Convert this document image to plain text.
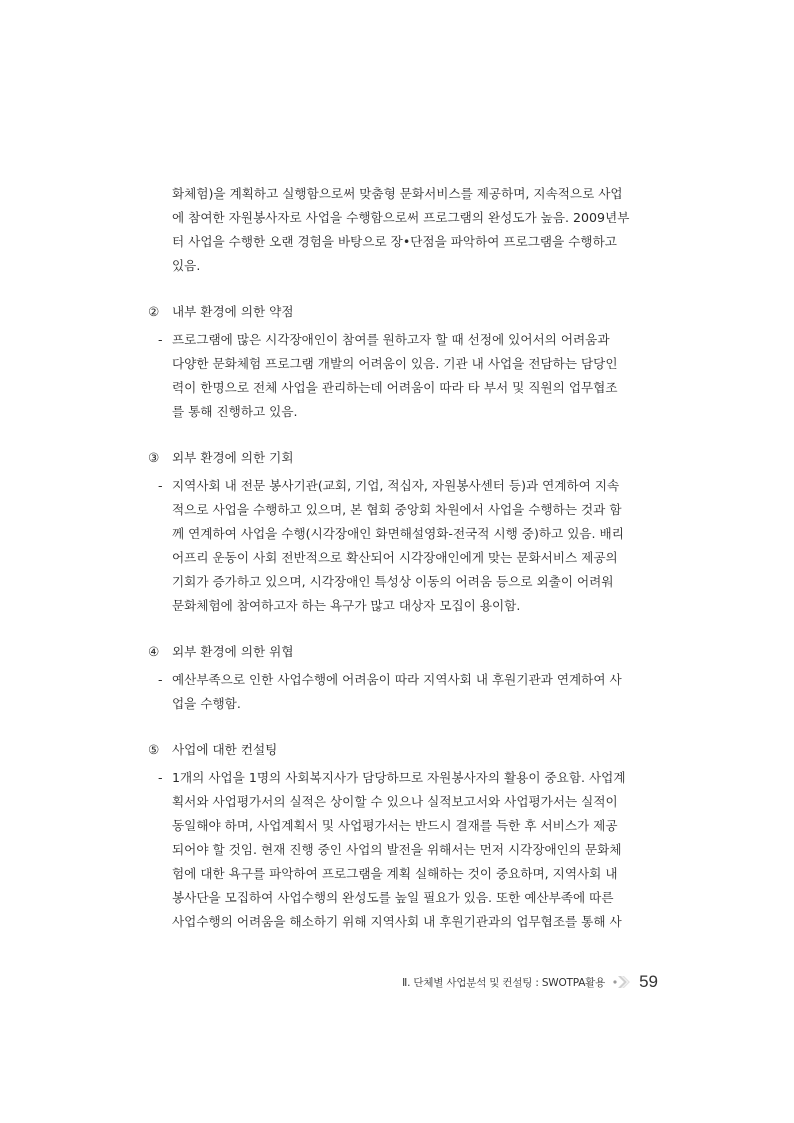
화체험)을 계획하고 실행함으로써 맞춤형 문화서비스를 제공하며, 지속적으로 사업
에 참여한 자원봉사자로 사업을 수행함으로써 프로그램의 완성도가 높음. 2009년부
터 사업을 수행한 오랜 경험을 바탕으로 장•단점을 파악하여 프로그램을 수행하고
있음.
② 내부 환경에 의한 약점
- 프로그램에 많은 시각장애인이 참여를 원하고자 할 때 선정에 있어서의 어려움과
다양한 문화체험 프로그램 개발의 어려움이 있음. 기관 내 사업을 전담하는 담당인
력이 한명으로 전체 사업을 관리하는데 어려움이 따라 타 부서 및 직원의 업무협조
를 통해 진행하고 있음.
③ 외부 환경에 의한 기회
- 지역사회 내 전문 봉사기관(교회, 기업, 적십자, 자원봉사센터 등)과 연계하여 지속
적으로 사업을 수행하고 있으며, 본 협회 중앙회 차원에서 사업을 수행하는 것과 함
께 연계하여 사업을 수행(시각장애인 화면해설영화-전국적 시행 중)하고 있음. 배리
어프리 운동이 사회 전반적으로 확산되어 시각장애인에게 맞는 문화서비스 제공의
기회가 증가하고 있으며, 시각장애인 특성상 이동의 어려움 등으로 외출이 어려워
문화체험에 참여하고자 하는 욕구가 많고 대상자 모집이 용이함.
④ 외부 환경에 의한 위협
- 예산부족으로 인한 사업수행에 어려움이 따라 지역사회 내 후원기관과 연계하여 사
업을 수행함.
⑤ 사업에 대한 컨설팅
- 1개의 사업을 1명의 사회복지사가 담당하므로 자원봉사자의 활용이 중요함. 사업계
획서와 사업평가서의 실적은 상이할 수 있으나 실적보고서와 사업평가서는 실적이
동일해야 하며, 사업계획서 및 사업평가서는 반드시 결재를 득한 후 서비스가 제공
되어야 할 것임. 현재 진행 중인 사업의 발전을 위해서는 먼저 시각장애인의 문화체
험에 대한 욕구를 파악하여 프로그램을 계획 실해하는 것이 중요하며, 지역사회 내
봉사단을 모집하여 사업수행의 완성도를 높일 필요가 있음. 또한 예산부족에 따른
사업수행의 어려움을 해소하기 위해 지역사회 내 후원기관과의 업무협조를 통해 사
Ⅱ. 단체별 사업분석 및 컨설팅 : SWOTPA활용 59
